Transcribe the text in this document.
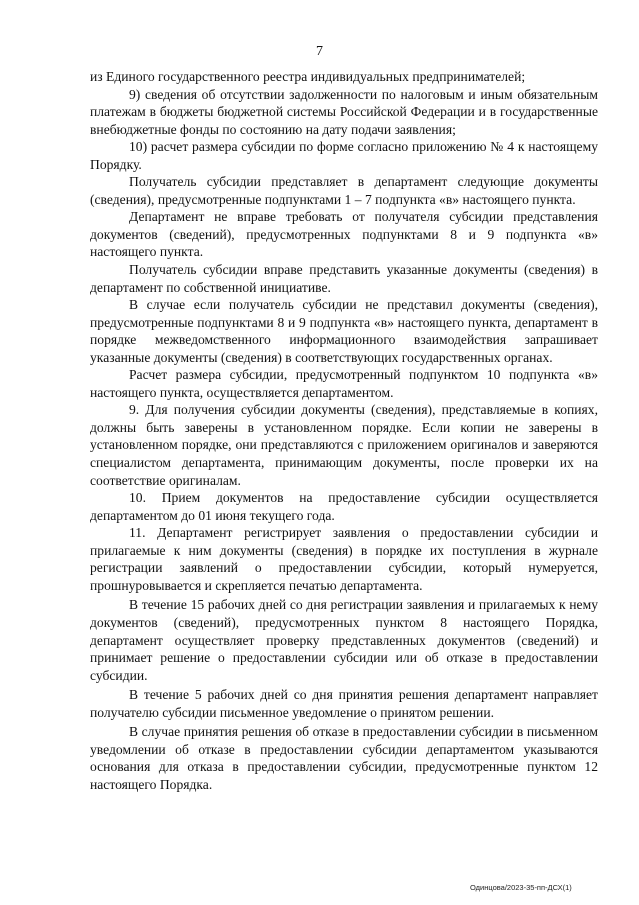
7

из Единого государственного реестра индивидуальных предпринимателей;

9) сведения об отсутствии задолженности по налоговым и иным обязательным платежам в бюджеты бюджетной системы Российской Федерации и в государственные внебюджетные фонды по состоянию на дату подачи заявления;

10) расчет размера субсидии по форме согласно приложению № 4 к настоящему Порядку.

Получатель субсидии представляет в департамент следующие документы (сведения), предусмотренные подпунктами 1 – 7 подпункта «в» настоящего пункта.

Департамент не вправе требовать от получателя субсидии представления документов (сведений), предусмотренных подпунктами 8 и 9 подпункта «в» настоящего пункта.

Получатель субсидии вправе представить указанные документы (сведения) в департамент по собственной инициативе.

В случае если получатель субсидии не представил документы (сведения), предусмотренные подпунктами 8 и 9 подпункта «в» настоящего пункта, департамент в порядке межведомственного информационного взаимодействия запрашивает указанные документы (сведения) в соответствующих государственных органах.

Расчет размера субсидии, предусмотренный подпунктом 10 подпункта «в» настоящего пункта, осуществляется департаментом.

9. Для получения субсидии документы (сведения), представляемые в копиях, должны быть заверены в установленном порядке. Если копии не заверены в установленном порядке, они представляются с приложением оригиналов и заверяются специалистом департамента, принимающим документы, после проверки их на соответствие оригиналам.

10. Прием документов на предоставление субсидии осуществляется департаментом до 01 июня текущего года.

11. Департамент регистрирует заявления о предоставлении субсидии и прилагаемые к ним документы (сведения) в порядке их поступления в журнале регистрации заявлений о предоставлении субсидии, который нумеруется, прошнуровывается и скрепляется печатью департамента.

В течение 15 рабочих дней со дня регистрации заявления и прилагаемых к нему документов (сведений), предусмотренных пунктом 8 настоящего Порядка, департамент осуществляет проверку представленных документов (сведений) и принимает решение о предоставлении субсидии или об отказе в предоставлении субсидии.

В течение 5 рабочих дней со дня принятия решения департамент направляет получателю субсидии письменное уведомление о принятом решении.

В случае принятия решения об отказе в предоставлении субсидии в письменном уведомлении об отказе в предоставлении субсидии департаментом указываются основания для отказа в предоставлении субсидии, предусмотренные пунктом 12 настоящего Порядка.

Одинцова/2023-35-пп-ДСХ(1)
